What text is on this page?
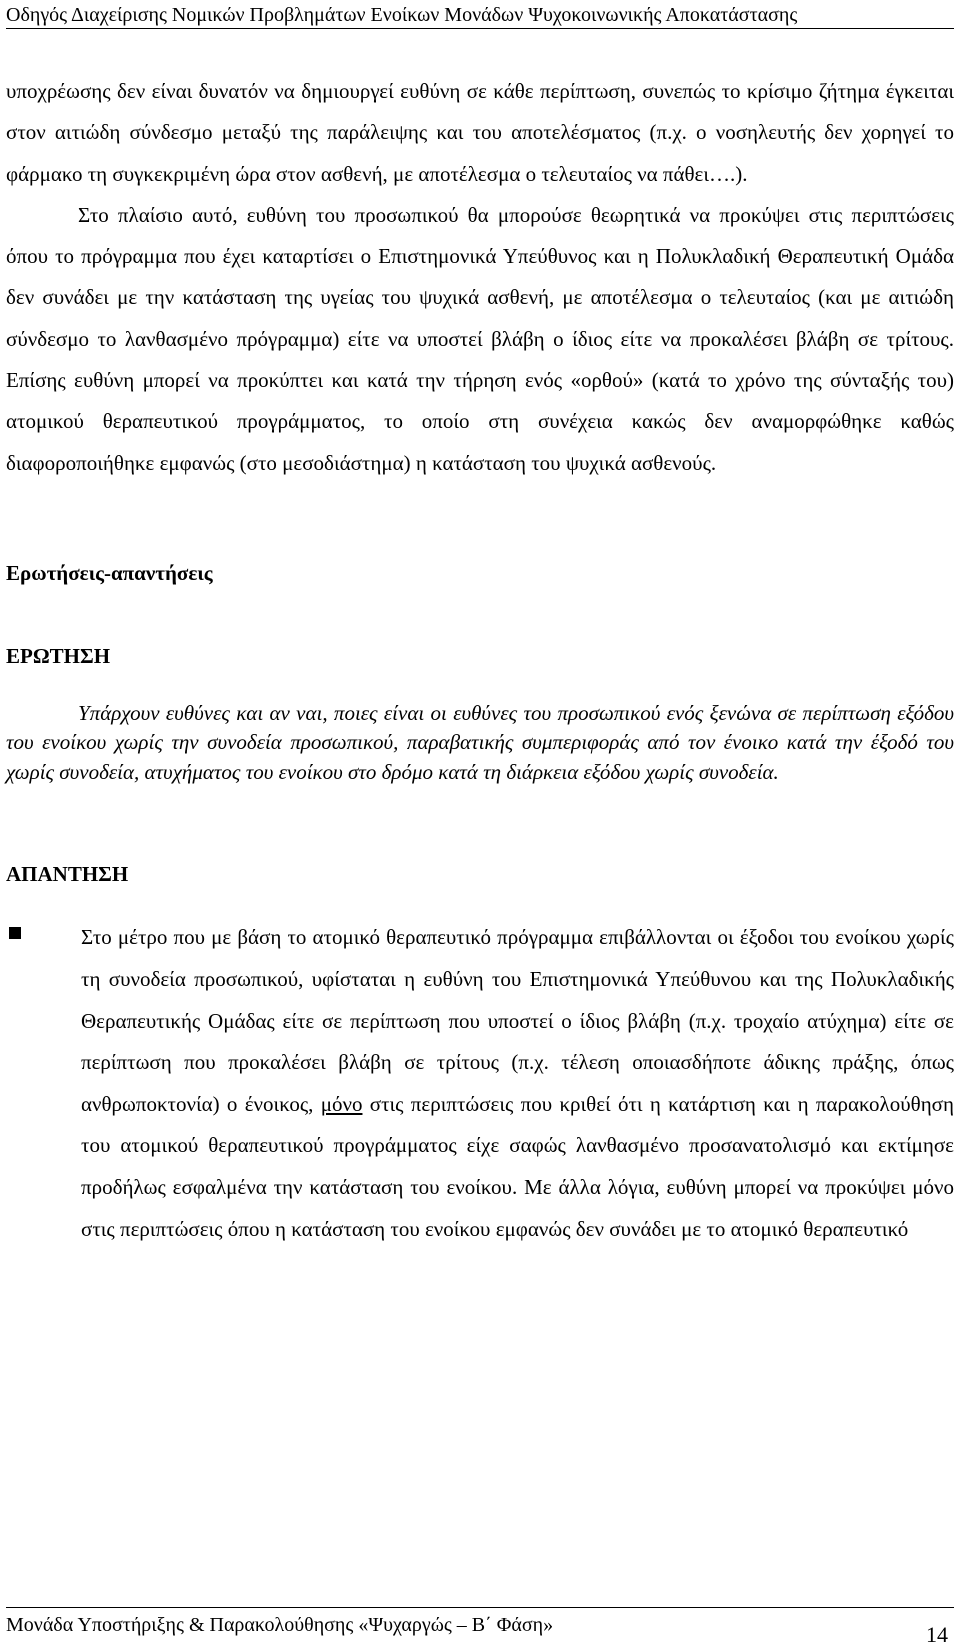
Οδηγός Διαχείρισης Νομικών Προβλημάτων Ενοίκων Μονάδων Ψυχοκοινωνικής Αποκατάστασης

υποχρέωσης δεν είναι δυνατόν να δημιουργεί ευθύνη σε κάθε περίπτωση, συνεπώς το κρίσιμο ζήτημα έγκειται στον αιτιώδη σύνδεσμο μεταξύ της παράλειψης και του αποτελέσματος (π.χ. ο νοσηλευτής δεν χορηγεί το φάρμακο τη συγκεκριμένη ώρα στον ασθενή, με αποτέλεσμα ο τελευταίος να πάθει….).

Στο πλαίσιο αυτό, ευθύνη του προσωπικού θα μπορούσε θεωρητικά να προκύψει στις περιπτώσεις όπου το πρόγραμμα που έχει καταρτίσει ο Επιστημονικά Υπεύθυνος και η Πολυκλαδική Θεραπευτική Ομάδα δεν συνάδει με την κατάσταση της υγείας του ψυχικά ασθενή, με αποτέλεσμα ο τελευταίος (και με αιτιώδη σύνδεσμο το λανθασμένο πρόγραμμα) είτε να υποστεί βλάβη ο ίδιος είτε να προκαλέσει βλάβη σε τρίτους. Επίσης ευθύνη μπορεί να προκύπτει και κατά την τήρηση ενός «ορθού» (κατά το χρόνο της σύνταξής του) ατομικού θεραπευτικού προγράμματος, το οποίο στη συνέχεια κακώς δεν αναμορφώθηκε καθώς διαφοροποιήθηκε εμφανώς (στο μεσοδιάστημα) η κατάσταση του ψυχικά ασθενούς.

Ερωτήσεις-απαντήσεις
ΕΡΩΤΗΣΗ

Υπάρχουν ευθύνες και αν ναι, ποιες είναι οι ευθύνες του προσωπικού ενός ξενώνα σε περίπτωση εξόδου του ενοίκου χωρίς την συνοδεία προσωπικού, παραβατικής συμπεριφοράς από τον ένοικο κατά την έξοδό του χωρίς συνοδεία, ατυχήματος του ενοίκου στο δρόμο κατά τη διάρκεια εξόδου χωρίς συνοδεία.

ΑΠΑΝΤΗΣΗ

Στο μέτρο που με βάση το ατομικό θεραπευτικό πρόγραμμα επιβάλλονται οι έξοδοι του ενοίκου χωρίς τη συνοδεία προσωπικού, υφίσταται η ευθύνη του Επιστημονικά Υπεύθυνου και της Πολυκλαδικής Θεραπευτικής Ομάδας είτε σε περίπτωση που υποστεί ο ίδιος βλάβη (π.χ. τροχαίο ατύχημα) είτε σε περίπτωση που προκαλέσει βλάβη σε τρίτους (π.χ. τέλεση οποιασδήποτε άδικης πράξης, όπως ανθρωποκτονία) ο ένοικος, μόνο στις περιπτώσεις που κριθεί ότι η κατάρτιση και η παρακολούθηση του ατομικού θεραπευτικού προγράμματος είχε σαφώς λανθασμένο προσανατολισμό και εκτίμησε προδήλως εσφαλμένα την κατάσταση του ενοίκου. Με άλλα λόγια, ευθύνη μπορεί να προκύψει μόνο στις περιπτώσεις όπου η κατάσταση του ενοίκου εμφανώς δεν συνάδει με το ατομικό θεραπευτικό

Μονάδα Υποστήριξης & Παρακολούθησης «Ψυχαργώς – Β΄ Φάση»	14
